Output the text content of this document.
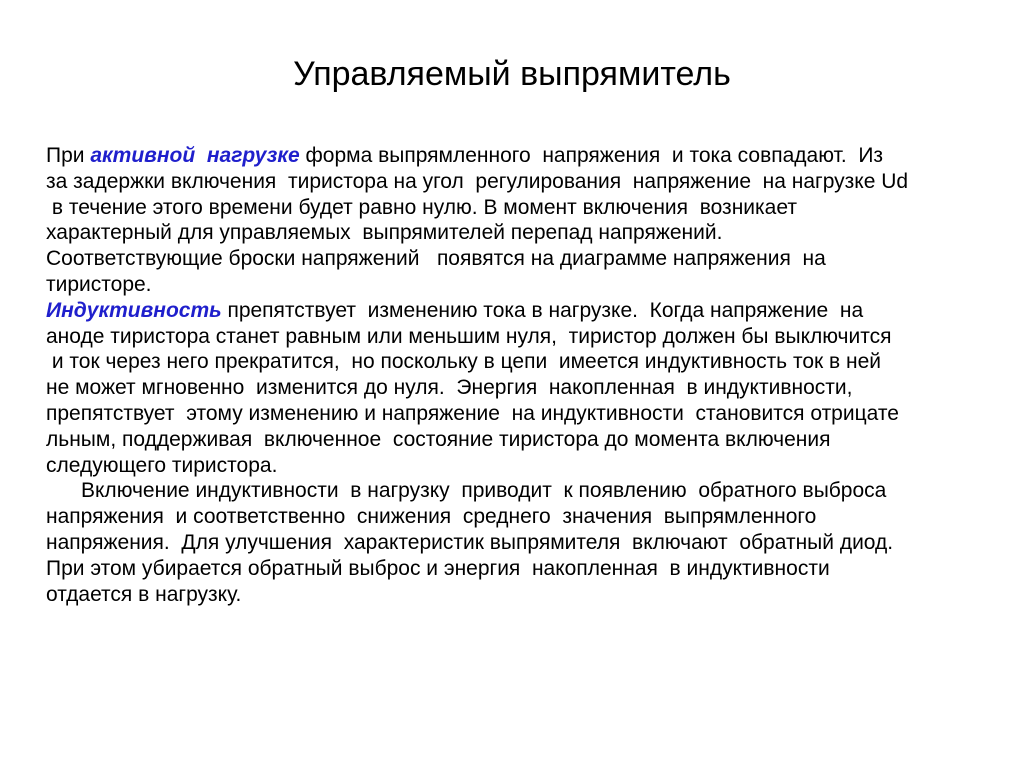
Управляемый выпрямитель
При активной  нагрузке форма выпрямленного  напряжения  и тока совпадают.  Из
за задержки включения  тиристора на угол  регулирования  напряжение  на нагрузке Ud
в течение этого времени будет равно нулю. В момент включения  возникает
характерный для управляемых  выпрямителей перепад напряжений.
Соответствующие броски напряжений   появятся на диаграмме напряжения  на
тиристоре.
Индуктивность препятствует  изменению тока в нагрузке.  Когда напряжение  на
аноде тиристора станет равным или меньшим нуля,  тиристор должен бы выключится
и ток через него прекратится,  но поскольку в цепи  имеется индуктивность ток в ней
не может мгновенно  изменится до нуля.  Энергия  накопленная  в индуктивности,
препятствует  этому изменению и напряжение  на индуктивности  становится отрицате
льным, поддерживая  включенное  состояние тиристора до момента включения
следующего тиристора.
Включение индуктивности  в нагрузку  приводит  к появлению  обратного выброса
напряжения  и соответственно  снижения  среднего  значения  выпрямленного
напряжения.  Для улучшения  характеристик выпрямителя  включают  обратный диод.
При этом убирается обратный выброс и энергия  накопленная  в индуктивности
отдается в нагрузку.
